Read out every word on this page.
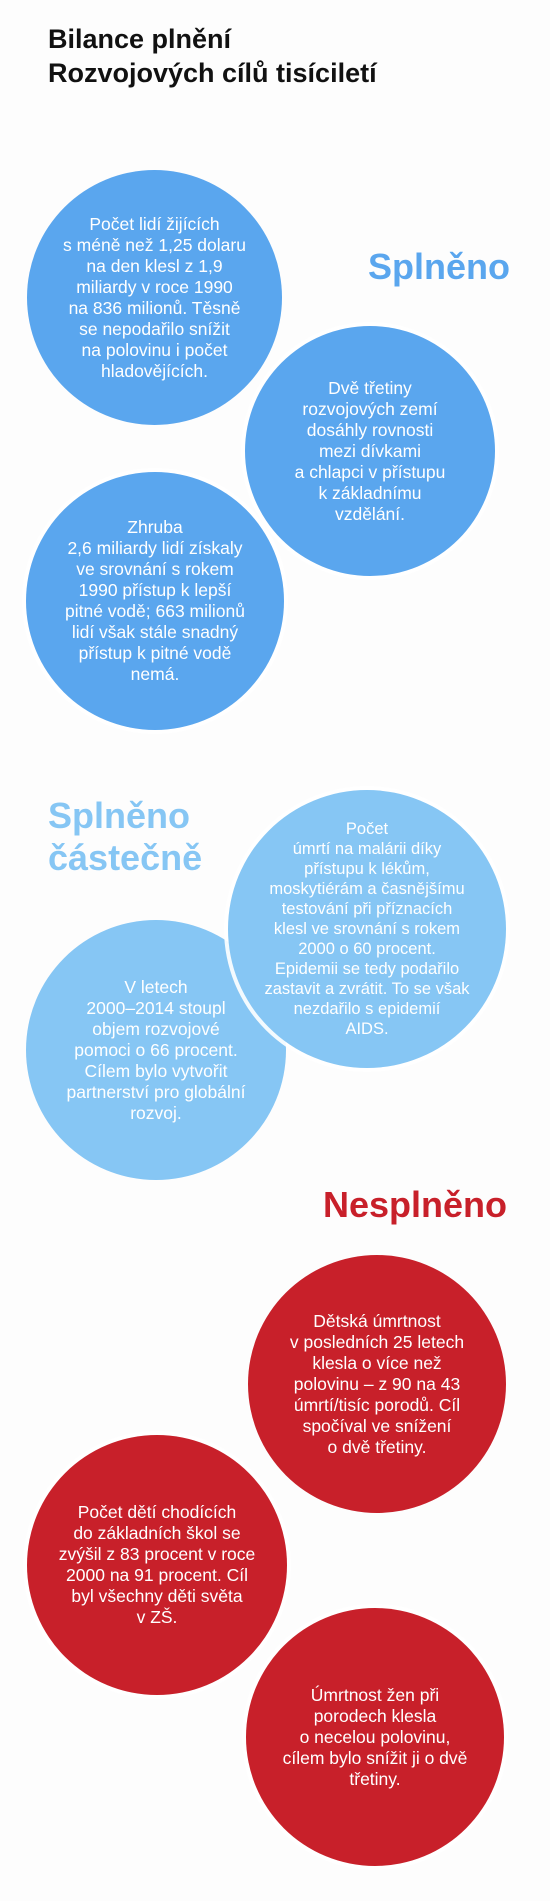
Bilance plnění
Rozvojových cílů tisíciletí
Splněno

Počet lidí žijících
s méně než 1,25 dolaru
na den klesl z 1,9
miliardy v roce 1990
na 836 milionů. Těsně
se nepodařilo snížit
na polovinu i počet
hladovějících.

Dvě třetiny
rozvojových zemí
dosáhly rovnosti
mezi dívkami
a chlapci v přístupu
k základnímu
vzdělání.

Zhruba
2,6 miliardy lidí získaly
ve srovnání s rokem
1990 přístup k lepší
pitné vodě; 663 milionů
lidí však stále snadný
přístup k pitné vodě
nemá.

Splněno
částečně

V letech
2000–2014 stoupl
objem rozvojové
pomoci o 66 procent.
Cílem bylo vytvořit
partnerství pro globální
rozvoj.

Počet
úmrtí na malárii díky
přístupu k lékům,
moskytiérám a časnějšímu
testování při příznacích
klesl ve srovnání s rokem
2000 o 60 procent.
Epidemii se tedy podařilo
zastavit a zvrátit. To se však
nezdařilo s epidemií
AIDS.

Nesplněno

Dětská úmrtnost
v posledních 25 letech
klesla o více než
polovinu – z 90 na 43
úmrtí/tisíc porodů. Cíl
spočíval ve snížení
o dvě třetiny.

Počet dětí chodících
do základních škol se
zvýšil z 83 procent v roce
2000 na 91 procent. Cíl
byl všechny děti světa
v ZŠ.

Úmrtnost žen při
porodech klesla
o necelou polovinu,
cílem bylo snížit ji o dvě
třetiny.
